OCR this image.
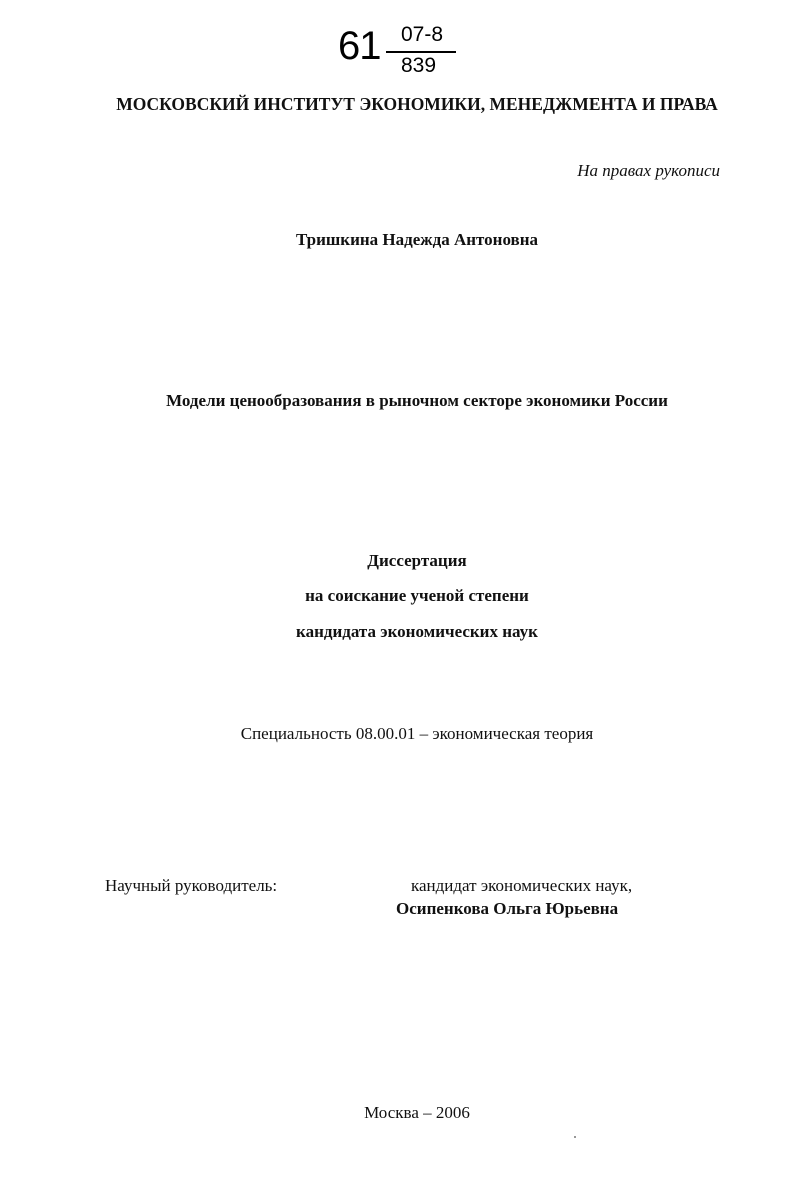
61 07-8
839
МОСКОВСКИЙ ИНСТИТУТ ЭКОНОМИКИ, МЕНЕДЖМЕНТА И ПРАВА
На правах рукописи
Тришкина Надежда Антоновна
Модели ценообразования в рыночном секторе экономики России
Диссертация
на соискание ученой степени
кандидата экономических наук
Специальность 08.00.01 – экономическая теория
Научный руководитель:	кандидат экономических наук,
Осипенкова Ольга Юрьевна
Москва – 2006
